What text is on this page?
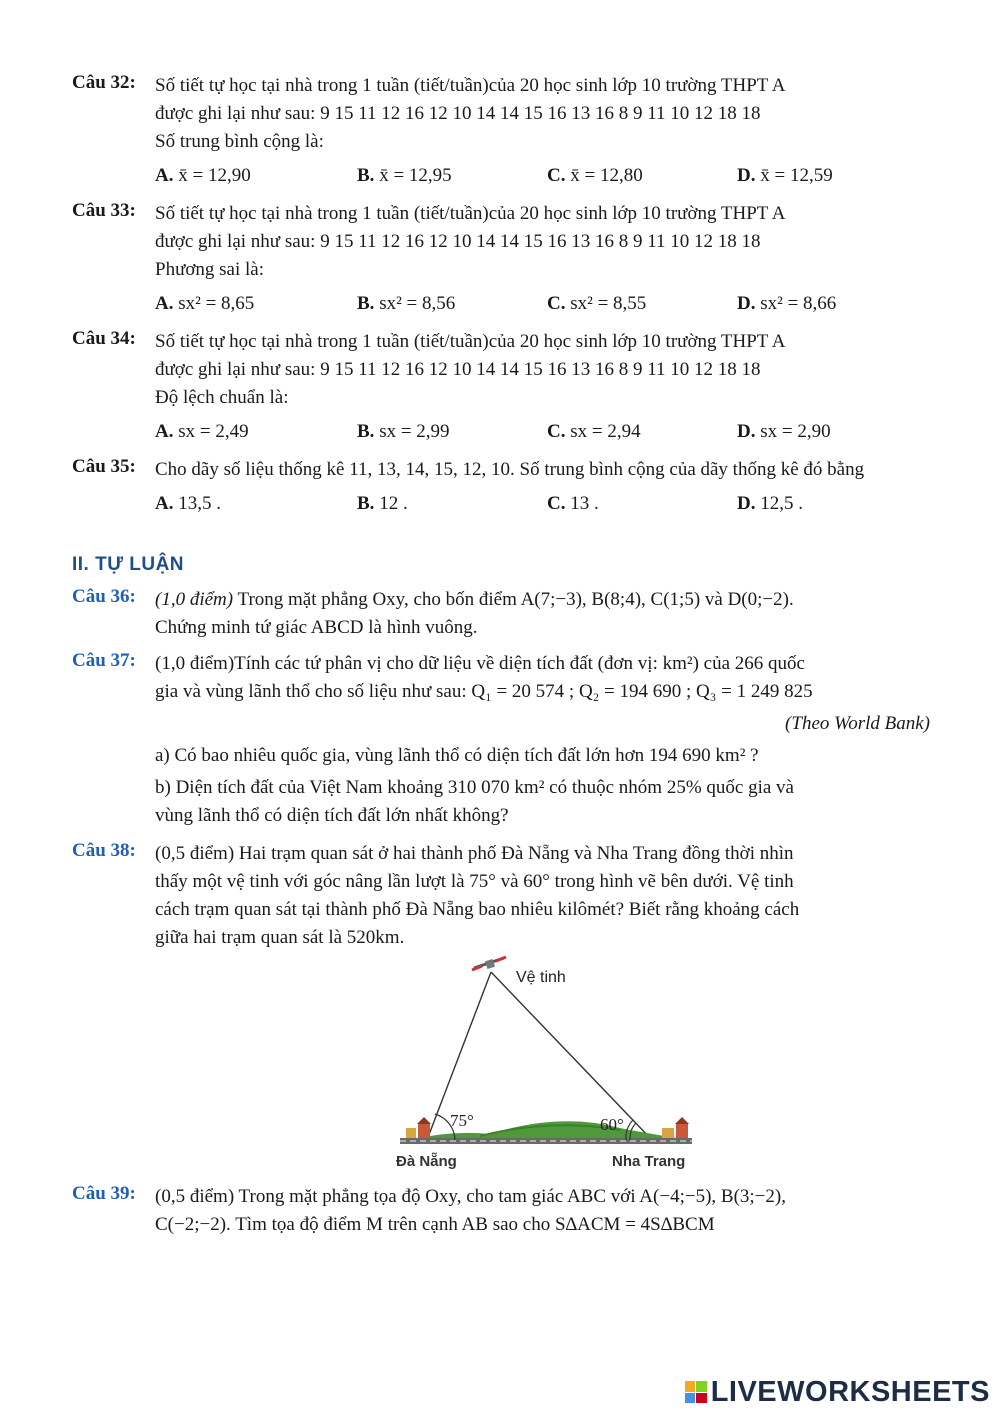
Câu 32: Số tiết tự học tại nhà trong 1 tuần (tiết/tuần)của 20 học sinh lớp 10 trường THPT A

được ghi lại như sau: 9 15 11 12 16 12 10 14 14 15 16 13 16 8 9 11 10 12 18 18

Số trung bình cộng là:

A. x̄ = 12,90	B. x̄ = 12,95	C. x̄ = 12,80	D. x̄ = 12,59
Câu 33: Số tiết tự học tại nhà trong 1 tuần (tiết/tuần)của 20 học sinh lớp 10 trường THPT A

được ghi lại như sau: 9 15 11 12 16 12 10 14 14 15 16 13 16 8 9 11 10 12 18 18

Phương sai là:

A. sx² = 8,65	B. sx² = 8,56	C. sx² = 8,55	D. sx² = 8,66
Câu 34: Số tiết tự học tại nhà trong 1 tuần (tiết/tuần)của 20 học sinh lớp 10 trường THPT A

được ghi lại như sau: 9 15 11 12 16 12 10 14 14 15 16 13 16 8 9 11 10 12 18 18

Độ lệch chuẩn là:

A. sx = 2,49	B. sx = 2,99	C. sx = 2,94	D. sx = 2,90
Câu 35: Cho dãy số liệu thống kê 11, 13, 14, 15, 12, 10. Số trung bình cộng của dãy thống kê đó bằng

A. 13,5 .	B. 12 .	C. 13 .	D. 12,5 .
II. TỰ LUẬN
Câu 36: (1,0 điểm) Trong mặt phẳng Oxy, cho bốn điểm A(7;−3), B(8;4), C(1;5) và D(0;−2).

Chứng minh tứ giác ABCD là hình vuông.

Câu 37: (1,0 điểm)Tính các tứ phân vị cho dữ liệu về diện tích đất (đơn vị: km²) của 266 quốc

gia và vùng lãnh thổ cho số liệu như sau: Q₁ = 20 574 ; Q₂ = 194 690 ; Q₃ = 1 249 825

(Theo World Bank)

a) Có bao nhiêu quốc gia, vùng lãnh thổ có diện tích đất lớn hơn 194 690 km² ?

b) Diện tích đất của Việt Nam khoảng 310 070 km² có thuộc nhóm 25% quốc gia và

vùng lãnh thổ có diện tích đất lớn nhất không?

Câu 38: (0,5 điểm) Hai trạm quan sát ở hai thành phố Đà Nẵng và Nha Trang đồng thời nhìn

thấy một vệ tinh với góc nâng lần lượt là 75° và 60° trong hình vẽ bên dưới. Vệ tinh

cách trạm quan sát tại thành phố Đà Nẵng bao nhiêu kilômét? Biết rằng khoảng cách

giữa hai trạm quan sát là 520km.

Vệ tinh
75°	60°
Đà Nẵng	Nha Trang
Câu 39: (0,5 điểm) Trong mặt phẳng tọa độ Oxy, cho tam giác ABC với A(−4;−5), B(3;−2),

C(−2;−2). Tìm tọa độ điểm M trên cạnh AB sao cho S∆ACM = 4S∆BCM

LIVEWORKSHEETS
